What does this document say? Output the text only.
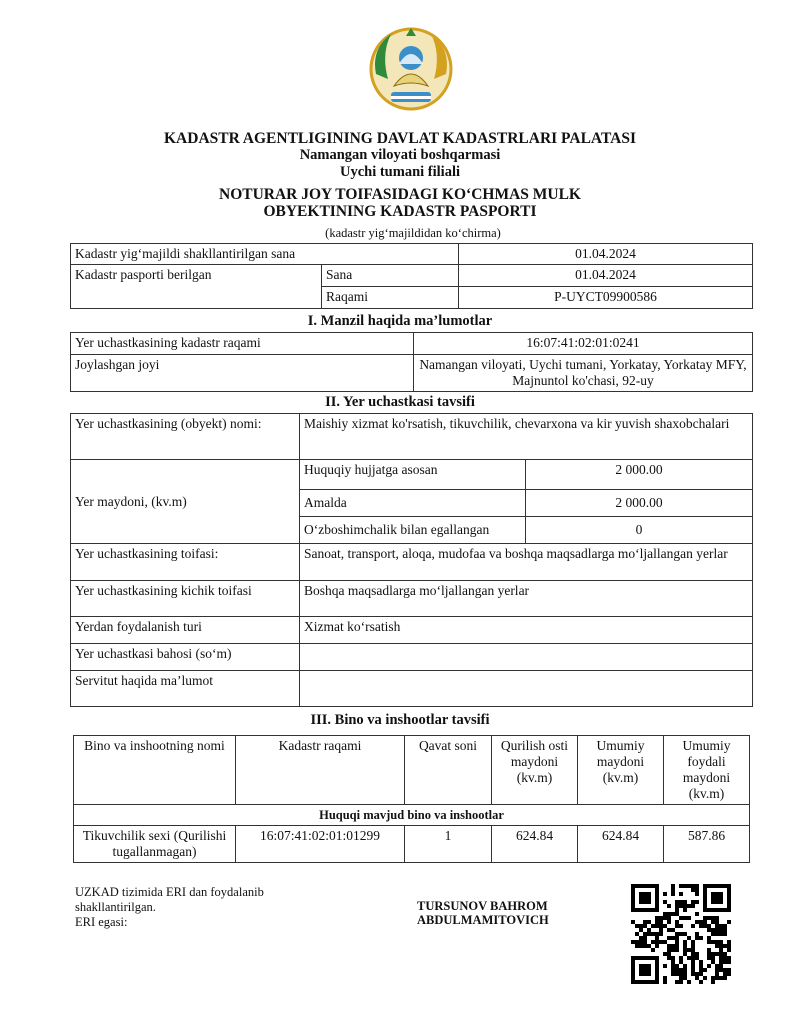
KADASTR AGENTLIGINING DAVLAT KADASTRLARI PALATASI
Namangan viloyati boshqarmasi
Uychi tumani filiali
NOTURAR JOY TOIFASIDAGI KO‘CHMAS MULK
OBYEKTINING KADASTR PASPORTI
(kadastr yig‘majildidan ko‘chirma)
Kadastr yig‘majildi shakllantirilgan sana		01.04.2024
Kadastr pasporti berilgan	Sana	01.04.2024
	Raqami	P-UYCT09900586
I. Manzil haqida ma’lumotlar
Yer uchastkasining kadastr raqami	16:07:41:02:01:0241
Joylashgan joyi	Namangan viloyati, Uychi tumani, Yorkatay, Yorkatay MFY, Majnuntol ko'chasi, 92-uy
II. Yer uchastkasi tavsifi
Yer uchastkasining (obyekt) nomi:	Maishiy xizmat ko'rsatish, tikuvchilik, chevarxona va kir yuvish shaxobchalari	
Yer maydoni, (kv.m)	Huquqiy hujjatga asosan	2 000.00
	Amalda	2 000.00
	O‘zboshimchalik bilan egallangan	0
Yer uchastkasining toifasi:	Sanoat, transport, aloqa, mudofaa va boshqa maqsadlarga mo‘ljallangan yerlar	
Yer uchastkasining kichik toifasi	Boshqa maqsadlarga mo‘ljallangan yerlar	
Yerdan foydalanish turi	Xizmat ko‘rsatish	
Yer uchastkasi bahosi (so‘m)		
Servitut haqida ma’lumot		
III. Bino va inshootlar tavsifi
Bino va inshootning nomi	Kadastr raqami	Qavat soni	Qurilish osti maydoni (kv.m)	Umumiy maydoni (kv.m)	Umumiy foydali maydoni (kv.m)
Huquqi mavjud bino va inshootlar					
Tikuvchilik sexi (Qurilishi tugallanmagan)	16:07:41:02:01:01299	1	624.84	624.84	587.86
UZKAD tizimida ERI dan foydalanib shakllantirilgan.
ERI egasi:
TURSUNOV BAHROM
ABDULMAMITOVICH
